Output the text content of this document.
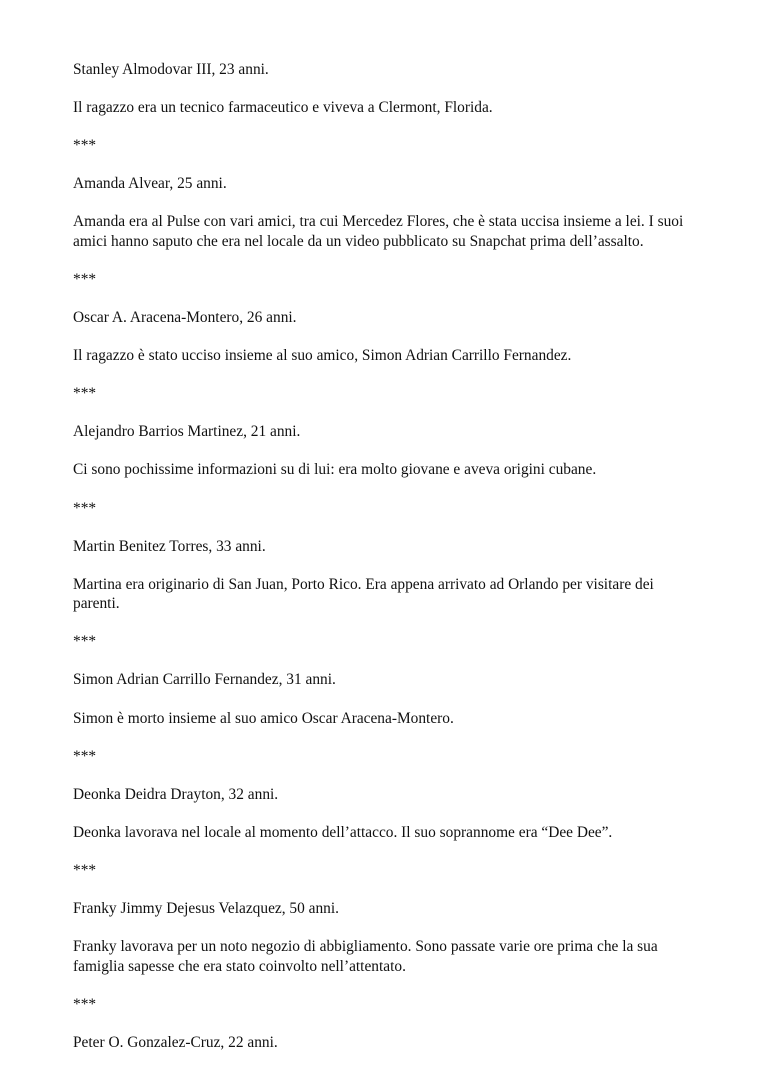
Stanley Almodovar III, 23 anni.

Il ragazzo era un tecnico farmaceutico e viveva a Clermont, Florida.

***

Amanda Alvear, 25 anni.

Amanda era al Pulse con vari amici, tra cui Mercedez Flores, che è stata uccisa insieme a lei. I suoi amici hanno saputo che era nel locale da un video pubblicato su Snapchat prima dell’assalto.

***

Oscar A. Aracena-Montero, 26 anni.

Il ragazzo è stato ucciso insieme al suo amico, Simon Adrian Carrillo Fernandez.

***

Alejandro Barrios Martinez, 21 anni.

Ci sono pochissime informazioni su di lui: era molto giovane e aveva origini cubane.

***

Martin Benitez Torres, 33 anni.

Martina era originario di San Juan, Porto Rico. Era appena arrivato ad Orlando per visitare dei parenti.

***

Simon Adrian Carrillo Fernandez, 31 anni.

Simon è morto insieme al suo amico Oscar Aracena-Montero.

***

Deonka Deidra Drayton, 32 anni.

Deonka lavorava nel locale al momento dell’attacco. Il suo soprannome era “Dee Dee”.

***

Franky Jimmy Dejesus Velazquez, 50 anni.

Franky lavorava per un noto negozio di abbigliamento. Sono passate varie ore prima che la sua famiglia sapesse che era stato coinvolto nell’attentato.

***

Peter O. Gonzalez-Cruz, 22 anni.
